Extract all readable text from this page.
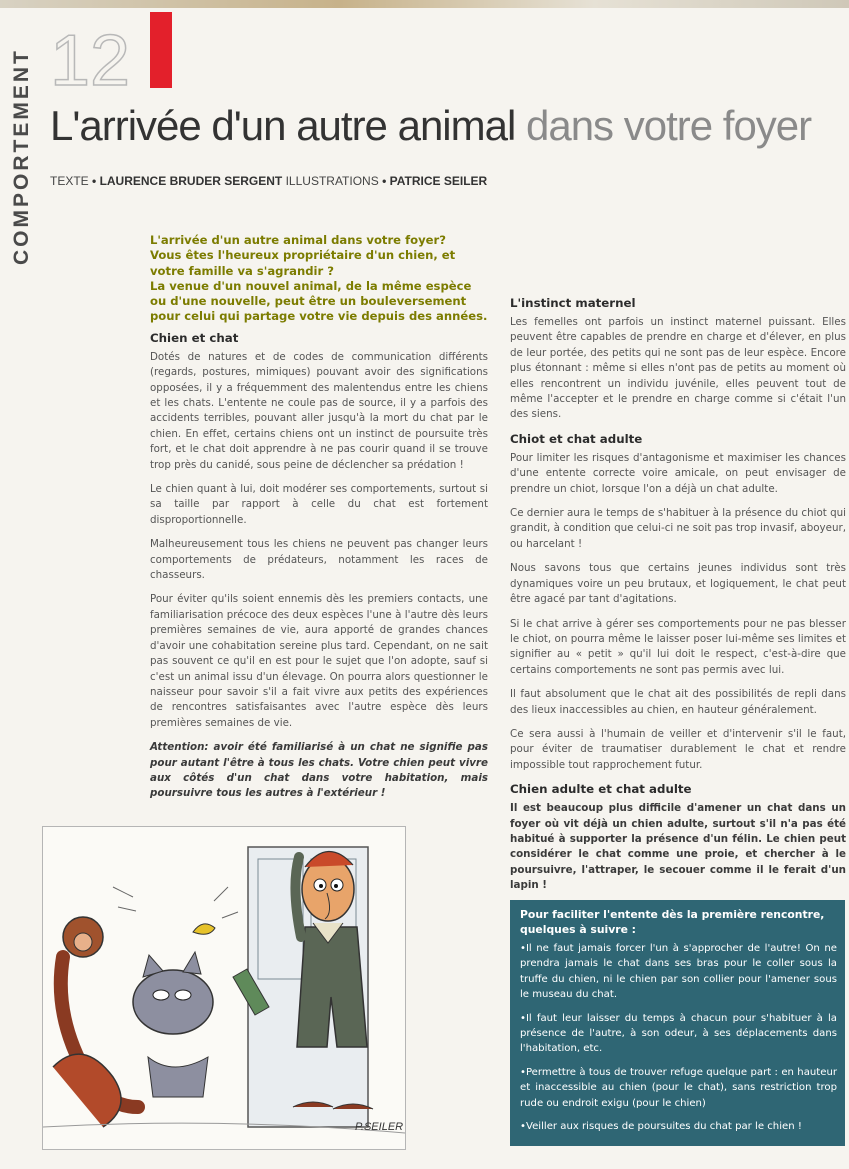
COMPORTEMENT 12
L'arrivée d'un autre animal dans votre foyer
TEXTE • LAURENCE BRUDER SERGENT ILLUSTRATIONS • PATRICE SEILER
L'arrivée d'un autre animal dans votre foyer?
Vous êtes l'heureux propriétaire d'un chien, et votre famille va s'agrandir ?
La venue d'un nouvel animal, de la même espèce ou d'une nouvelle, peut être un bouleversement pour celui qui partage votre vie depuis des années.
Chien et chat

Dotés de natures et de codes de communication différents (regards, postures, mimiques) pouvant avoir des significations opposées, il y a fréquemment des malentendus entre les chiens et les chats. L'entente ne coule pas de source, il y a parfois des accidents terribles, pouvant aller jusqu'à la mort du chat par le chien. En effet, certains chiens ont un instinct de poursuite très fort, et le chat doit apprendre à ne pas courir quand il se trouve trop près du canidé, sous peine de déclencher sa prédation !

Le chien quant à lui, doit modérer ses comportements, surtout si sa taille par rapport à celle du chat est fortement disproportionnelle.

Malheureusement tous les chiens ne peuvent pas changer leurs comportements de prédateurs, notamment les races de chasseurs.

Pour éviter qu'ils soient ennemis dès les premiers contacts, une familiarisation précoce des deux espèces l'une à l'autre dès leurs premières semaines de vie, aura apporté de grandes chances d'avoir une cohabitation sereine plus tard. Cependant, on ne sait pas souvent ce qu'il en est pour le sujet que l'on adopte, sauf si c'est un animal issu d'un élevage. On pourra alors questionner le naisseur pour savoir s'il a fait vivre aux petits des expériences de rencontres satisfaisantes avec l'autre espèce dès leurs premières semaines de vie.

Attention: avoir été familiarisé à un chat ne signifie pas pour autant l'être à tous les chats. Votre chien peut vivre aux côtés d'un chat dans votre habitation, mais poursuivre tous les autres à l'extérieur !

L'instinct maternel

Les femelles ont parfois un instinct maternel puissant. Elles peuvent être capables de prendre en charge et d'élever, en plus de leur portée, des petits qui ne sont pas de leur espèce. Encore plus étonnant : même si elles n'ont pas de petits au moment où elles rencontrent un individu juvénile, elles peuvent tout de même l'accepter et le prendre en charge comme si c'était l'un des siens.

Chiot et chat adulte

Pour limiter les risques d'antagonisme et maximiser les chances d'une entente correcte voire amicale, on peut envisager de prendre un chiot, lorsque l'on a déjà un chat adulte.

Ce dernier aura le temps de s'habituer à la présence du chiot qui grandit, à condition que celui-ci ne soit pas trop invasif, aboyeur, ou harcelant !

Nous savons tous que certains jeunes individus sont très dynamiques voire un peu brutaux, et logiquement, le chat peut être agacé par tant d'agitations.

Si le chat arrive à gérer ses comportements pour ne pas blesser le chiot, on pourra même le laisser poser lui-même ses limites et signifier au « petit » qu'il lui doit le respect, c'est-à-dire que certains comportements ne sont pas permis avec lui.

Il faut absolument que le chat ait des possibilités de repli dans des lieux inaccessibles au chien, en hauteur généralement.

Ce sera aussi à l'humain de veiller et d'intervenir s'il le faut, pour éviter de traumatiser durablement le chat et rendre impossible tout rapprochement futur.

Chien adulte et chat adulte

Il est beaucoup plus difficile d'amener un chat dans un foyer où vit déjà un chien adulte, surtout s'il n'a pas été habitué à supporter la présence d'un félin. Le chien peut considérer le chat comme une proie, et chercher à le poursuivre, l'attraper, le secouer comme il le ferait d'un lapin !

P.SEILER
Pour faciliter l'entente dès la première rencontre, quelques à suivre :

•Il ne faut jamais forcer l'un à s'approcher de l'autre! On ne prendra jamais le chat dans ses bras pour le coller sous la truffe du chien, ni le chien par son collier pour l'amener sous le museau du chat.

•Il faut leur laisser du temps à chacun pour s'habituer à la présence de l'autre, à son odeur, à ses déplacements dans l'habitation, etc.

•Permettre à tous de trouver refuge quelque part : en hauteur et inaccessible au chien (pour le chat), sans restriction trop rude ou endroit exigu (pour le chien)

•Veiller aux risques de poursuites du chat par le chien !
